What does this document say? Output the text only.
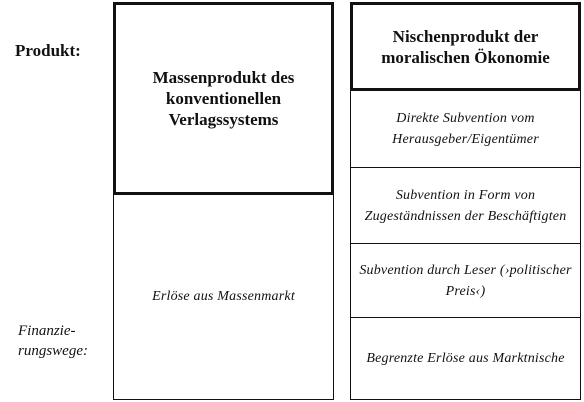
Produkt:
Finanzie-
rungswege:
Erlöse aus Massenmarkt
Massenprodukt des konventionellen Verlagssystems
Nischenprodukt der moralischen Ökonomie
Direkte Subvention vom Herausgeber/Eigentümer
Subvention in Form von Zugeständnissen der Beschäftigten
Subvention durch Leser (›politischer Preis‹)
Begrenzte Erlöse aus Marktnische
